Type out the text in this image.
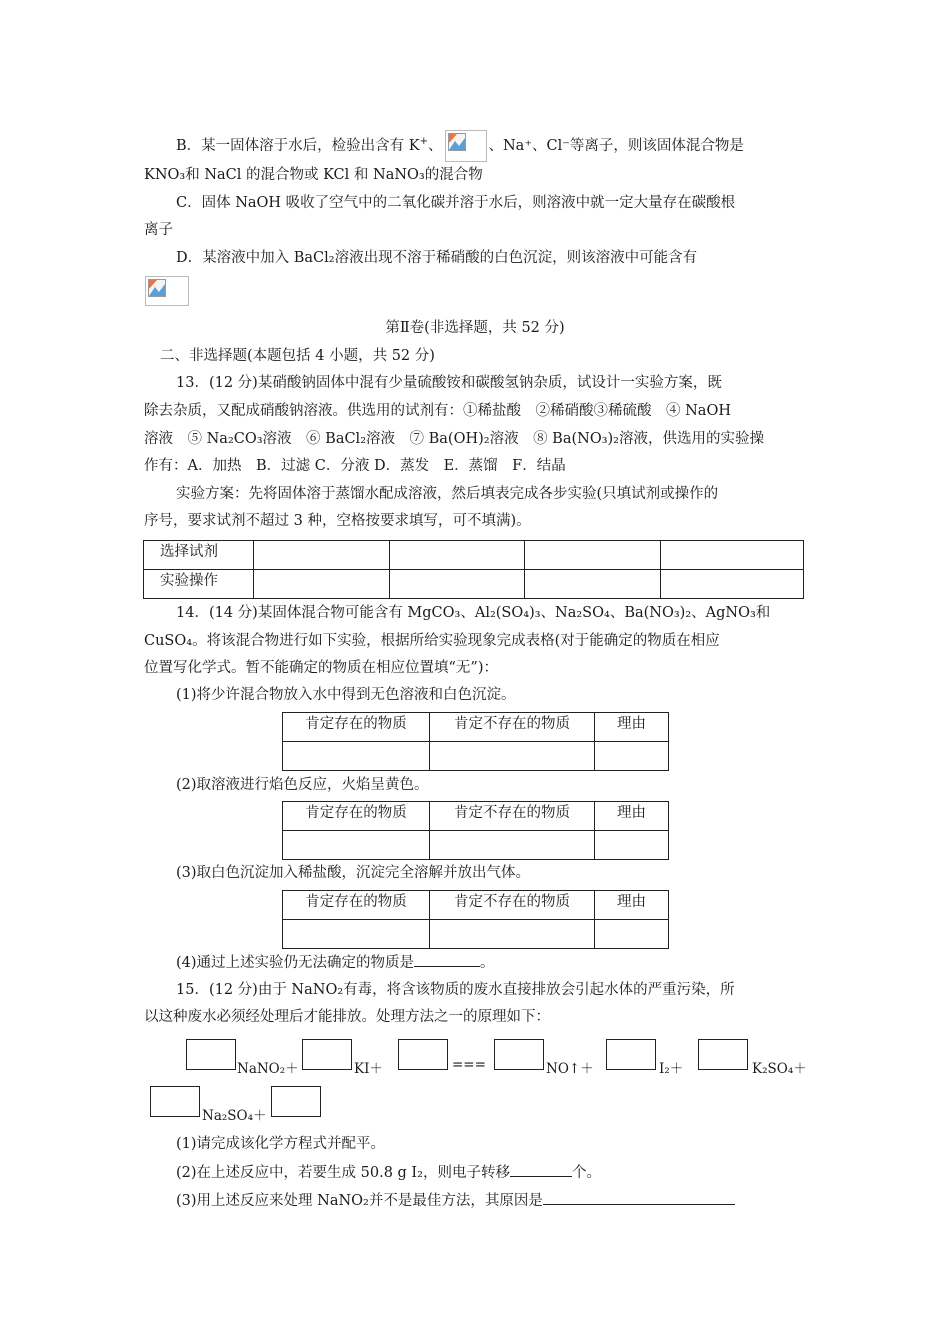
B．某一固体溶于水后，检验出含有 K+、	、Na⁺、Cl⁻等离子，则该固体混合物是
KNO₃和 NaCl 的混合物或 KCl 和 NaNO₃的混合物
C．固体 NaOH 吸收了空气中的二氧化碳并溶于水后，则溶液中就一定大量存在碳酸根
离子
D．某溶液中加入 BaCl₂溶液出现不溶于稀硝酸的白色沉淀，则该溶液中可能含有
第Ⅱ卷(非选择题，共 52 分)
二、非选择题(本题包括 4 小题，共 52 分)
13．(12 分)某硝酸钠固体中混有少量硫酸铵和碳酸氢钠杂质，试设计一实验方案，既
除去杂质，又配成硝酸钠溶液。供选用的试剂有：①稀盐酸　②稀硝酸③稀硫酸　④ NaOH
溶液　⑤ Na₂CO₃溶液　⑥ BaCl₂溶液　⑦ Ba(OH)₂溶液　⑧ Ba(NO₃)₂溶液，供选用的实验操
作有：A．加热　B．过滤 C．分液 D．蒸发　E．蒸馏　F．结晶
实验方案：先将固体溶于蒸馏水配成溶液，然后填表完成各步实验(只填试剂或操作的
序号，要求试剂不超过 3 种，空格按要求填写，可不填满)。
选择试剂				
实验操作				
14．(14 分)某固体混合物可能含有 MgCO₃、Al₂(SO₄)₃、Na₂SO₄、Ba(NO₃)₂、AgNO₃和
CuSO₄。将该混合物进行如下实验，根据所给实验现象完成表格(对于能确定的物质在相应
位置写化学式。暂不能确定的物质在相应位置填“无”)：
(1)将少许混合物放入水中得到无色溶液和白色沉淀。
肯定存在的物质	肯定不存在的物质	理由

(2)取溶液进行焰色反应，火焰呈黄色。
肯定存在的物质	肯定不存在的物质	理由

(3)取白色沉淀加入稀盐酸，沉淀完全溶解并放出气体。
肯定存在的物质	肯定不存在的物质	理由

(4)通过上述实验仍无法确定的物质是	。
15．(12 分)由于 NaNO₂有毒，将含该物质的废水直接排放会引起水体的严重污染，所
以这种废水必须经处理后才能排放。处理方法之一的原理如下：
NaNO₂＋	KI＋	===	NO↑＋	I₂＋	K₂SO₄＋
Na₂SO₄＋
(1)请完成该化学方程式并配平。
(2)在上述反应中，若要生成 50.8 g I₂，则电子转移	个。
(3)用上述反应来处理 NaNO₂并不是最佳方法，其原因是
